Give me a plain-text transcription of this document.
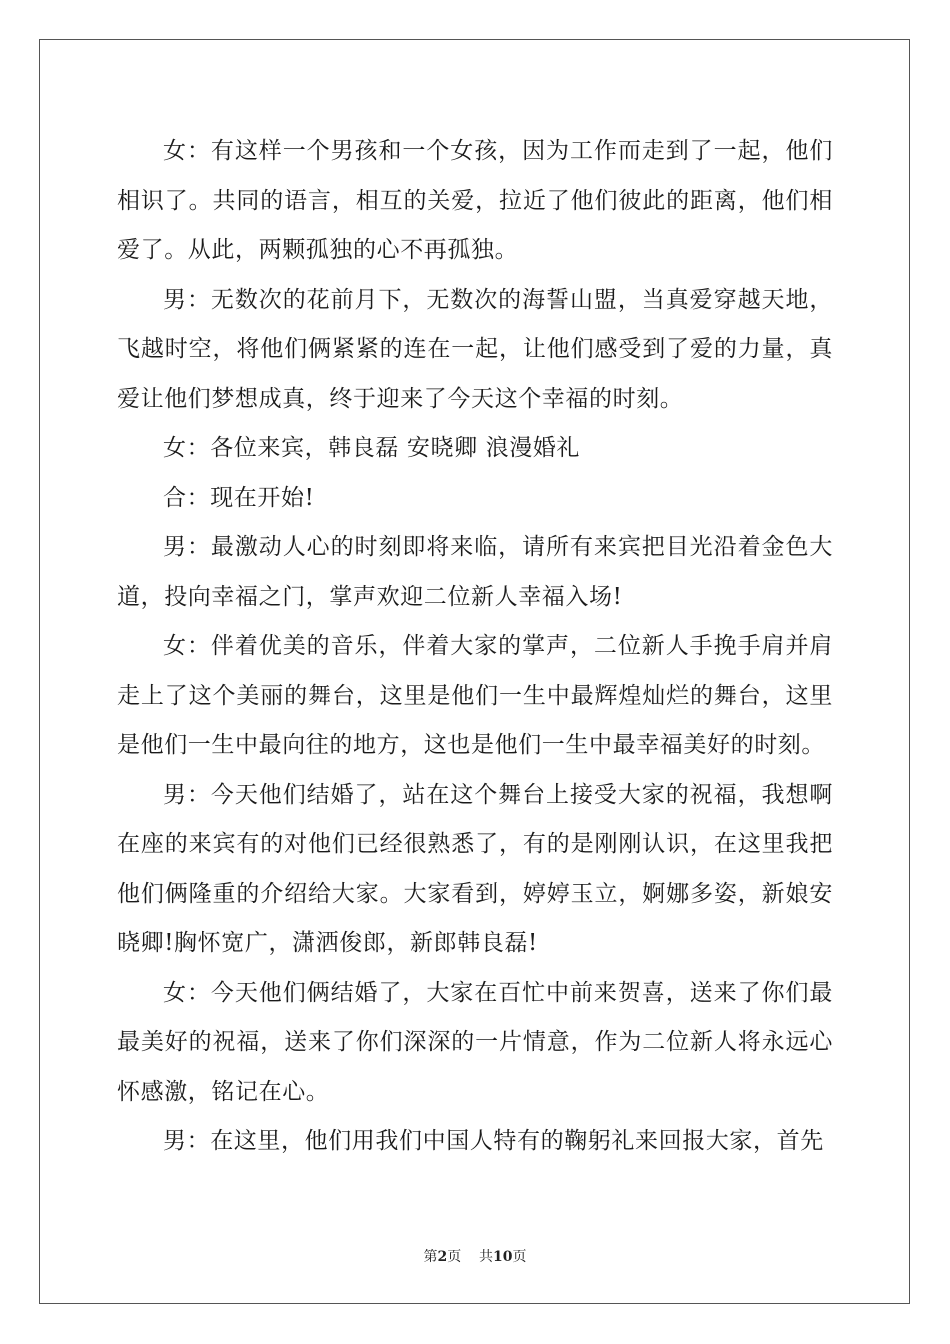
女：有这样一个男孩和一个女孩，因为工作而走到了一起，他们相识了。共同的语言，相互的关爱，拉近了他们彼此的距离，他们相爱了。从此，两颗孤独的心不再孤独。

男：无数次的花前月下，无数次的海誓山盟，当真爱穿越天地，飞越时空，将他们俩紧紧的连在一起，让他们感受到了爱的力量，真爱让他们梦想成真，终于迎来了今天这个幸福的时刻。

女：各位来宾，韩良磊 安晓卿 浪漫婚礼

合：现在开始!

男：最激动人心的时刻即将来临，请所有来宾把目光沿着金色大道，投向幸福之门，掌声欢迎二位新人幸福入场!

女：伴着优美的音乐，伴着大家的掌声，二位新人手挽手肩并肩走上了这个美丽的舞台，这里是他们一生中最辉煌灿烂的舞台，这里是他们一生中最向往的地方，这也是他们一生中最幸福美好的时刻。

男：今天他们结婚了，站在这个舞台上接受大家的祝福，我想啊在座的来宾有的对他们已经很熟悉了，有的是刚刚认识，在这里我把他们俩隆重的介绍给大家。大家看到，婷婷玉立，婀娜多姿，新娘安晓卿!胸怀宽广，潇洒俊郎，新郎韩良磊!

女：今天他们俩结婚了，大家在百忙中前来贺喜，送来了你们最最美好的祝福，送来了你们深深的一片情意，作为二位新人将永远心怀感激，铭记在心。

男：在这里，他们用我们中国人特有的鞠躬礼来回报大家，首先

第2页 共10页
